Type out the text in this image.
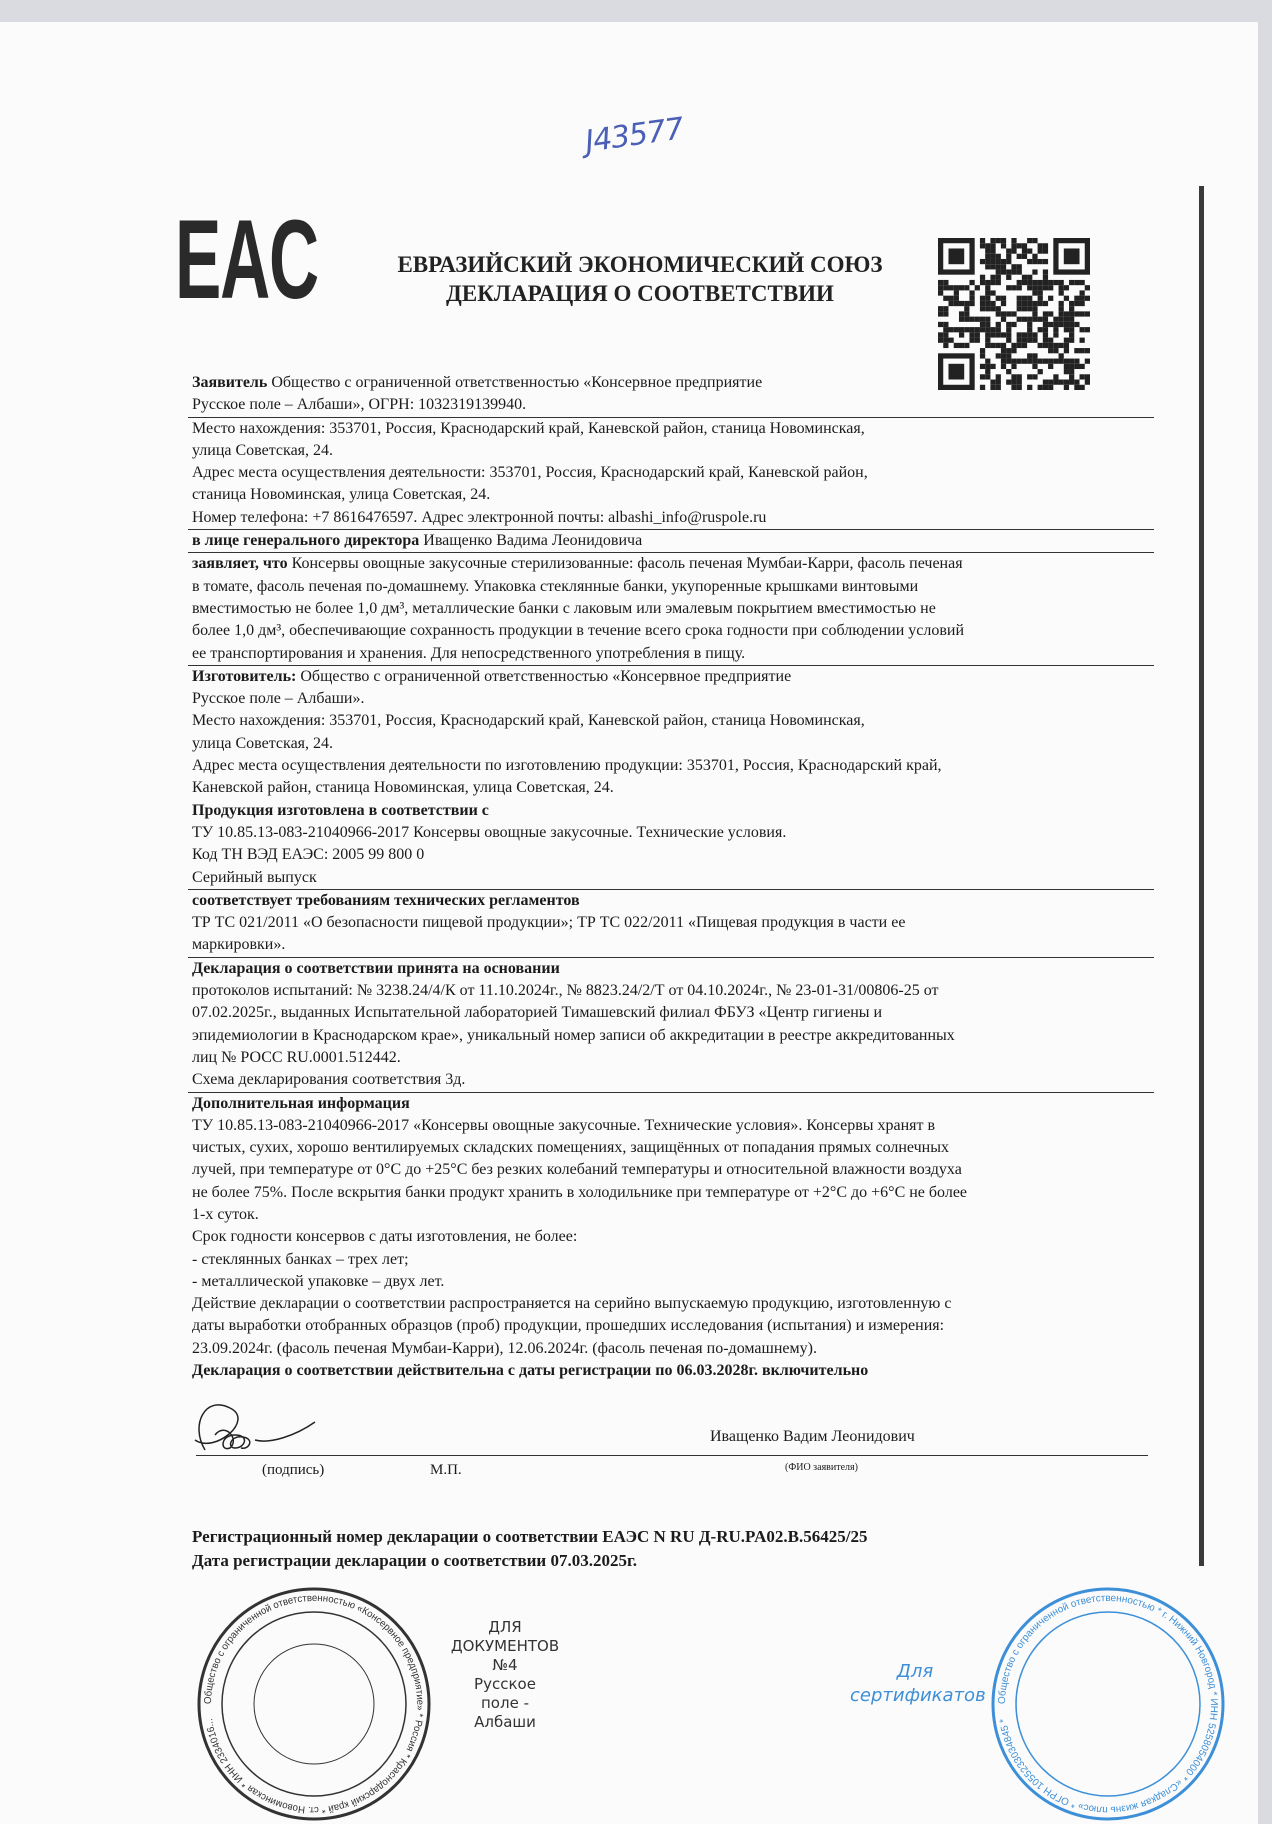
J43577
EAC	ЕВРАЗИЙСКИЙ ЭКОНОМИЧЕСКИЙ СОЮЗ
ДЕКЛАРАЦИЯ О СООТВЕТСТВИИ
Заявитель Общество с ограниченной ответственностью «Консервное предприятие
Русское поле – Албаши», ОГРН: 1032319139940.
Место нахождения: 353701, Россия, Краснодарский край, Каневской район, станица Новоминская,
улица Советская, 24.
Адрес места осуществления деятельности: 353701, Россия, Краснодарский край, Каневской район,
станица Новоминская, улица Советская, 24.
Номер телефона: +7 8616476597. Адрес электронной почты: albashi_info@ruspole.ru
в лице генерального директора Иващенко Вадима Леонидовича
заявляет, что Консервы овощные закусочные стерилизованные: фасоль печеная Мумбаи-Карри, фасоль печеная
в томате, фасоль печеная по-домашнему. Упаковка стеклянные банки, укупоренные крышками винтовыми
вместимостью не более 1,0 дм³, металлические банки с лаковым или эмалевым покрытием вместимостью не
более 1,0 дм³, обеспечивающие сохранность продукции в течение всего срока годности при соблюдении условий
ее транспортирования и хранения. Для непосредственного употребления в пищу.
Изготовитель: Общество с ограниченной ответственностью «Консервное предприятие
Русское поле – Албаши».
Место нахождения: 353701, Россия, Краснодарский край, Каневской район, станица Новоминская,
улица Советская, 24.
Адрес места осуществления деятельности по изготовлению продукции: 353701, Россия, Краснодарский край,
Каневской район, станица Новоминская, улица Советская, 24.
Продукция изготовлена в соответствии с
ТУ 10.85.13-083-21040966-2017 Консервы овощные закусочные. Технические условия.
Код ТН ВЭД ЕАЭС: 2005 99 800 0
Серийный выпуск
соответствует требованиям технических регламентов
ТР ТС 021/2011 «О безопасности пищевой продукции»; ТР ТС 022/2011 «Пищевая продукция в части ее
маркировки».
Декларация о соответствии принята на основании
протоколов испытаний: № 3238.24/4/К от 11.10.2024г., № 8823.24/2/Т от 04.10.2024г., № 23-01-31/00806-25 от
07.02.2025г., выданных Испытательной лабораторией Тимашевский филиал ФБУЗ «Центр гигиены и
эпидемиологии в Краснодарском крае», уникальный номер записи об аккредитации в реестре аккредитованных
лиц № РОСС RU.0001.512442.
Схема декларирования соответствия 3д.
Дополнительная информация
ТУ 10.85.13-083-21040966-2017 «Консервы овощные закусочные. Технические условия». Консервы хранят в
чистых, сухих, хорошо вентилируемых складских помещениях, защищённых от попадания прямых солнечных
лучей, при температуре от 0°С до +25°С без резких колебаний температуры и относительной влажности воздуха
не более 75%. После вскрытия банки продукт хранить в холодильнике при температуре от +2°С до +6°С не более
1-х суток.
Срок годности консервов с даты изготовления, не более:
- стеклянных банках – трех лет;
- металлической упаковке – двух лет.
Действие декларации о соответствии распространяется на серийно выпускаемую продукцию, изготовленную с
даты выработки отобранных образцов (проб) продукции, прошедших исследования (испытания) и измерения:
23.09.2024г. (фасоль печеная Мумбаи-Карри), 12.06.2024г. (фасоль печеная по-домашнему).
Декларация о соответствии действительна с даты регистрации по 06.03.2028г. включительно
Иващенко Вадим Леонидович
(подпись)	М.П.	(ФИО заявителя)
Регистрационный номер декларации о соответствии ЕАЭС N RU Д-RU.PA02.B.56425/25
Дата регистрации декларации о соответствии 07.03.2025г.
Общество с ограниченной ответственностью «Консервное предприятие» * Россия * Краснодарский край * ст. Новоминская * ИНН 2334016...
ДЛЯ
ДОКУМЕНТОВ
№4
Русское
поле -
Албаши
Общество с ограниченной ответственностью * г. Нижний Новгород * ИНН 5258054000 * «Сладкая жизнь плюс» * ОГРН 1055233034845 *
Для
сертификатов
